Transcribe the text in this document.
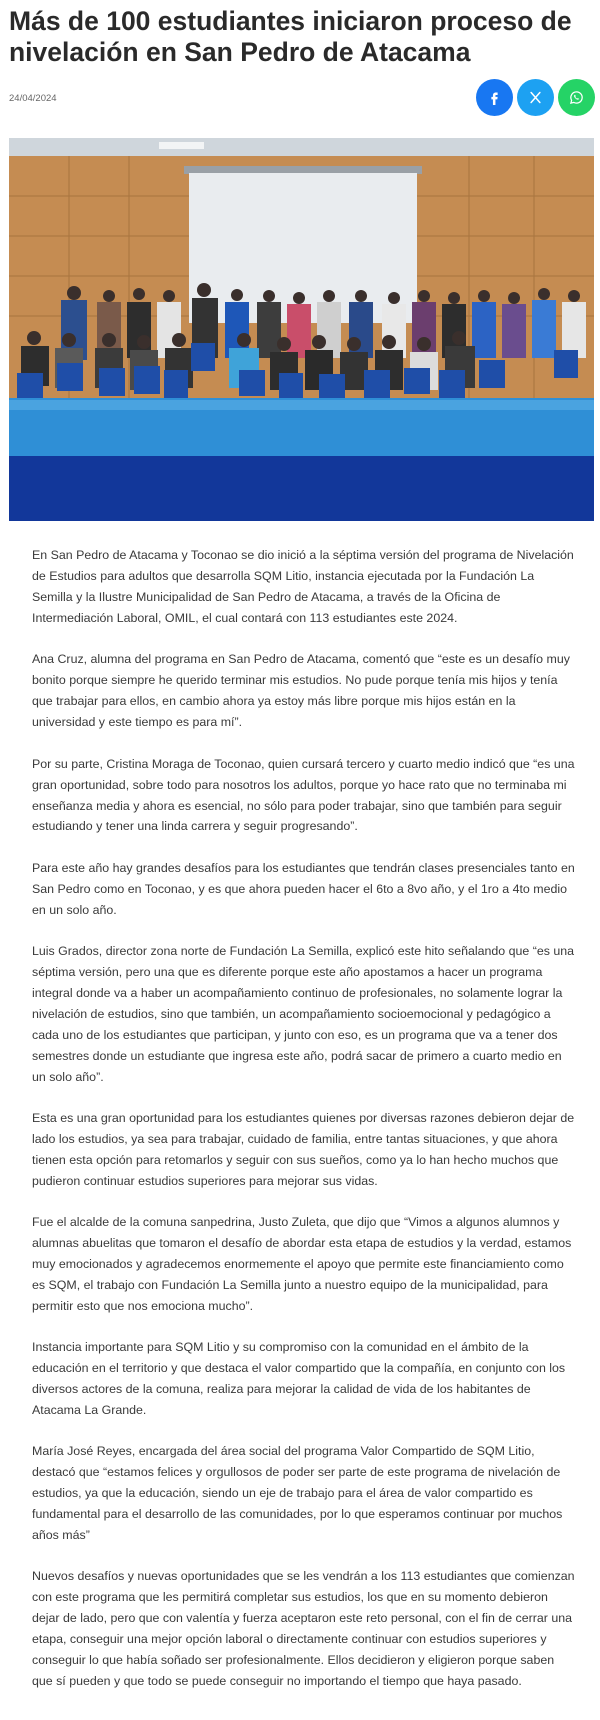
Más de 100 estudiantes iniciaron proceso de nivelación en San Pedro de Atacama
24/04/2024

En San Pedro de Atacama y Toconao se dio inició a la séptima versión del programa de Nivelación de Estudios para adultos que desarrolla SQM Litio, instancia ejecutada por la Fundación La Semilla y la Ilustre Municipalidad de San Pedro de Atacama, a través de la Oficina de Intermediación Laboral, OMIL, el cual contará con 113 estudiantes este 2024.

Ana Cruz, alumna del programa en San Pedro de Atacama, comentó que “este es un desafío muy bonito porque siempre he querido terminar mis estudios. No pude porque tenía mis hijos y tenía que trabajar para ellos, en cambio ahora ya estoy más libre porque mis hijos están en la universidad y este tiempo es para mí”.

Por su parte, Cristina Moraga de Toconao, quien cursará tercero y cuarto medio indicó que “es una gran oportunidad, sobre todo para nosotros los adultos, porque yo hace rato que no terminaba mi enseñanza media y ahora es esencial, no sólo para poder trabajar, sino que también para seguir estudiando y tener una linda carrera y seguir progresando”.

Para este año hay grandes desafíos para los estudiantes que tendrán clases presenciales tanto en San Pedro como en Toconao, y es que ahora pueden hacer el 6to a 8vo año, y el 1ro a 4to medio en un solo año.

Luis Grados, director zona norte de Fundación La Semilla, explicó este hito señalando que “es una séptima versión, pero una que es diferente porque este año apostamos a hacer un programa integral donde va a haber un acompañamiento continuo de profesionales, no solamente lograr la nivelación de estudios, sino que también, un acompañamiento socioemocional y pedagógico a cada uno de los estudiantes que participan, y junto con eso, es un programa que va a tener dos semestres donde un estudiante que ingresa este año, podrá sacar de primero a cuarto medio en un solo año”.

Esta es una gran oportunidad para los estudiantes quienes por diversas razones debieron dejar de lado los estudios, ya sea para trabajar, cuidado de familia, entre tantas situaciones, y que ahora tienen esta opción para retomarlos y seguir con sus sueños, como ya lo han hecho muchos que pudieron continuar estudios superiores para mejorar sus vidas.

Fue el alcalde de la comuna sanpedrina, Justo Zuleta, que dijo que “Vimos a algunos alumnos y alumnas abuelitas que tomaron el desafío de abordar esta etapa de estudios y la verdad, estamos muy emocionados y agradecemos enormemente el apoyo que permite este financiamiento como es SQM, el trabajo con Fundación La Semilla junto a nuestro equipo de la municipalidad, para permitir esto que nos emociona mucho”.

Instancia importante para SQM Litio y su compromiso con la comunidad en el ámbito de la educación en el territorio y que destaca el valor compartido que la compañía, en conjunto con los diversos actores de la comuna, realiza para mejorar la calidad de vida de los habitantes de Atacama La Grande.

María José Reyes, encargada del área social del programa Valor Compartido de SQM Litio, destacó que “estamos felices y orgullosos de poder ser parte de este programa de nivelación de estudios, ya que la educación, siendo un eje de trabajo para el área de valor compartido es fundamental para el desarrollo de las comunidades, por lo que esperamos continuar por muchos años más”

Nuevos desafíos y nuevas oportunidades que se les vendrán a los 113 estudiantes que comienzan con este programa que les permitirá completar sus estudios, los que en su momento debieron dejar de lado, pero que con valentía y fuerza aceptaron este reto personal, con el fin de cerrar una etapa, conseguir una mejor opción laboral o directamente continuar con estudios superiores y conseguir lo que había soñado ser profesionalmente. Ellos decidieron y eligieron porque saben que sí pueden y que todo se puede conseguir no importando el tiempo que haya pasado.
